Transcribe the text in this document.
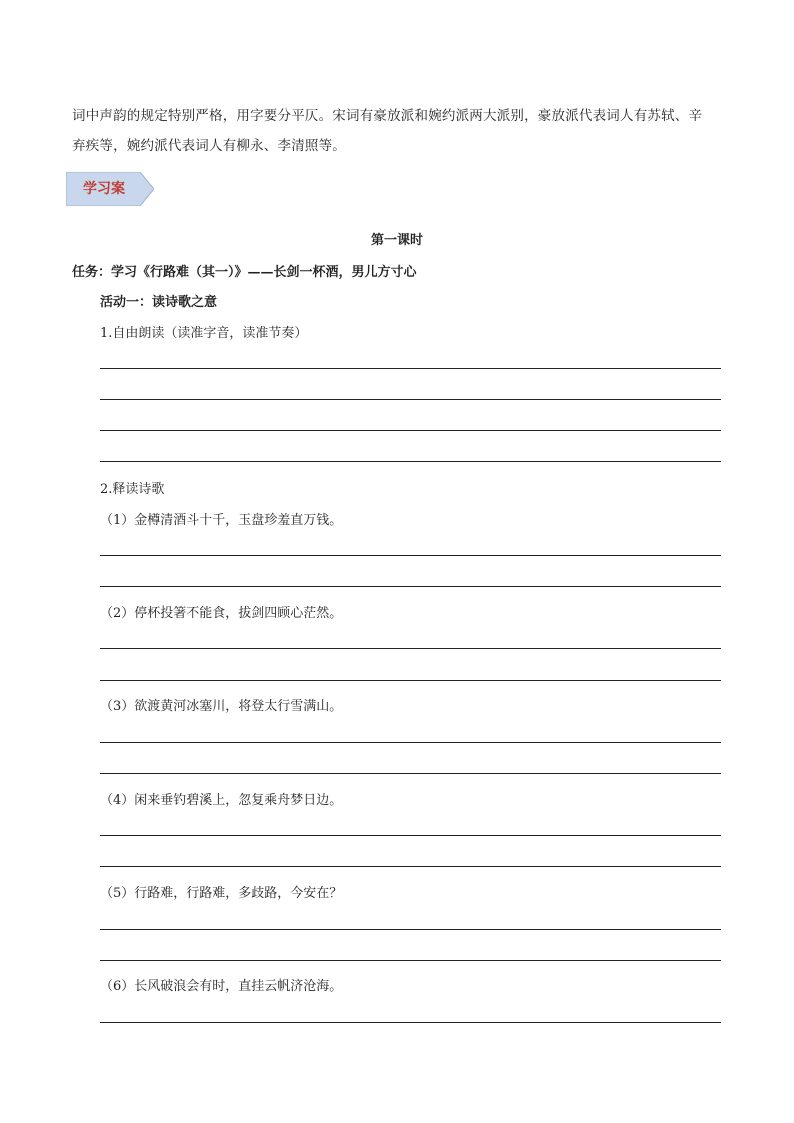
词中声韵的规定特别严格，用字要分平仄。宋词有豪放派和婉约派两大派别，豪放派代表词人有苏轼、辛
弃疾等，婉约派代表词人有柳永、李清照等。
学习案
第一课时
任务：学习《行路难（其一）》——长剑一杯酒，男儿方寸心
活动一：读诗歌之意
1.自由朗读（读准字音，读准节奏）
2.释读诗歌
（1）金樽清酒斗十千，玉盘珍羞直万钱。
（2）停杯投箸不能食，拔剑四顾心茫然。
（3）欲渡黄河冰塞川，将登太行雪满山。
（4）闲来垂钓碧溪上，忽复乘舟梦日边。
（5）行路难，行路难，多歧路，今安在？
（6）长风破浪会有时，直挂云帆济沧海。
